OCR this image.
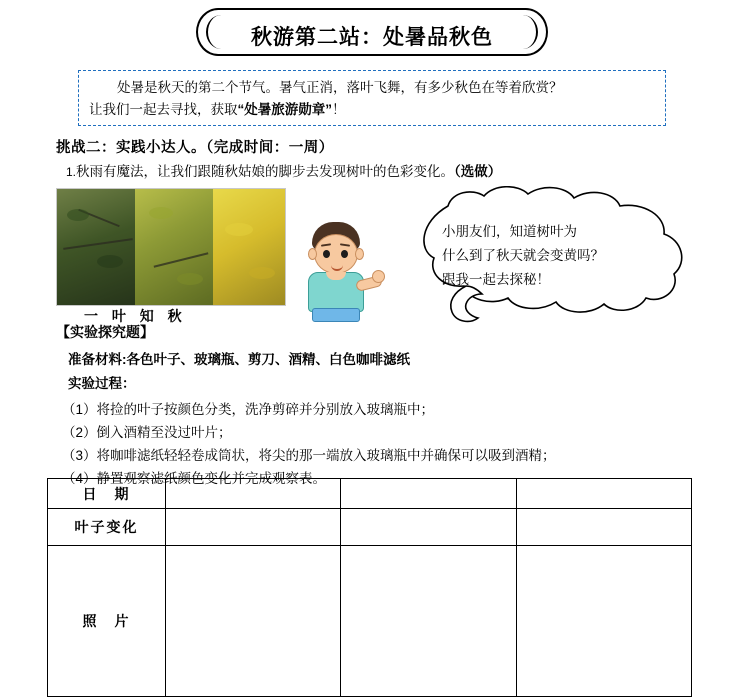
秋游第二站：处暑品秋色
处暑是秋天的第二个节气。暑气正消，落叶飞舞，有多少秋色在等着欣赏？
让我们一起去寻找，获取“处暑旅游勋章”！
挑战二：实践小达人。（完成时间：一周）
1.秋雨有魔法，让我们跟随秋姑娘的脚步去发现树叶的色彩变化。（选做）
一 叶 知 秋
小朋友们，知道树叶为
什么到了秋天就会变黄吗？
跟我一起去探秘！
【实验探究题】
准备材料:各色叶子、玻璃瓶、剪刀、酒精、白色咖啡滤纸
实验过程：
（1）将捡的叶子按颜色分类，洗净剪碎并分别放入玻璃瓶中；
（2）倒入酒精至没过叶片；
（3）将咖啡滤纸轻轻卷成筒状，将尖的那一端放入玻璃瓶中并确保可以吸到酒精；
（4）静置观察滤纸颜色变化并完成观察表。
日　期			
叶子变化			
照　片			
